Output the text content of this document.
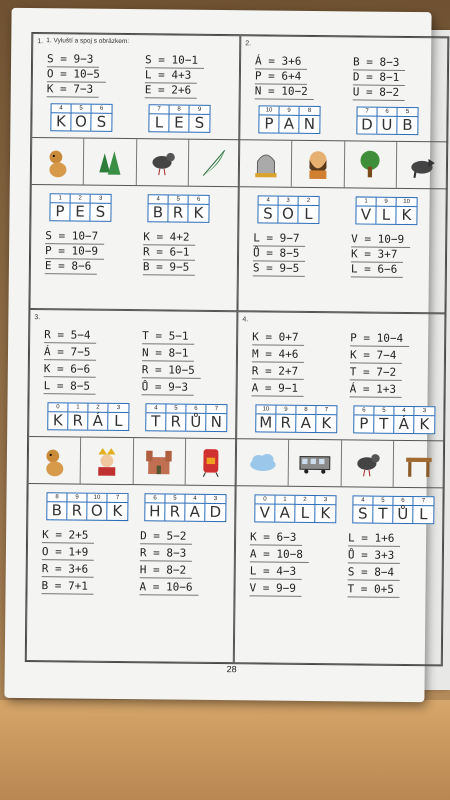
1. Vyluští a spoj s obrázkem:
1.
S = 9−3
O = 10−5
K = 7−3
S = 10−1
L = 4+3
E = 2+6
4
K
5
O
6
S
7
L
8
E
9
S
1
P
2
E
3
S
4
B
5
R
6
K
S = 10−7
P = 10−9
E = 8−6
K = 4+2
R = 6−1
B = 9−5
2.
Á = 3+6
P = 6+4
N = 10−2
B = 8−3
D = 8−1
U = 8−2
10
P
9
A
8
N
7
D
6
U
5
B
4
S
3
O
2
L
1
V
9
L
10
K
L = 9−7
Ů = 8−5
S = 9−5
V = 10−9
K = 3+7
L = 6−6
3.
R = 5−4
Á = 7−5
K = 6−6
L = 8−5
T = 5−1
N = 8−1
R = 10−5
Ů = 9−3
0
K
1
R
2
Á
3
L
4
T
5
R
6
Ů
7
N
8
B
9
R
10
O
7
K
6
H
5
R
4
A
3
D
K = 2+5
O = 1+9
R = 3+6
B = 7+1
D = 5−2
R = 8−3
H = 8−2
A = 10−6
4.
K = 0+7
M = 4+6
R = 2+7
A = 9−1
P = 10−4
K = 7−4
T = 7−2
Á = 1+3
10
M
9
R
8
A
7
K
6
P
5
T
4
Á
3
K
0
V
1
A
2
L
3
K
4
S
5
T
6
Ů
7
L
K = 6−3
A = 10−8
L = 4−3
V = 9−9
L = 1+6
Ů = 3+3
S = 8−4
T = 0+5
28
